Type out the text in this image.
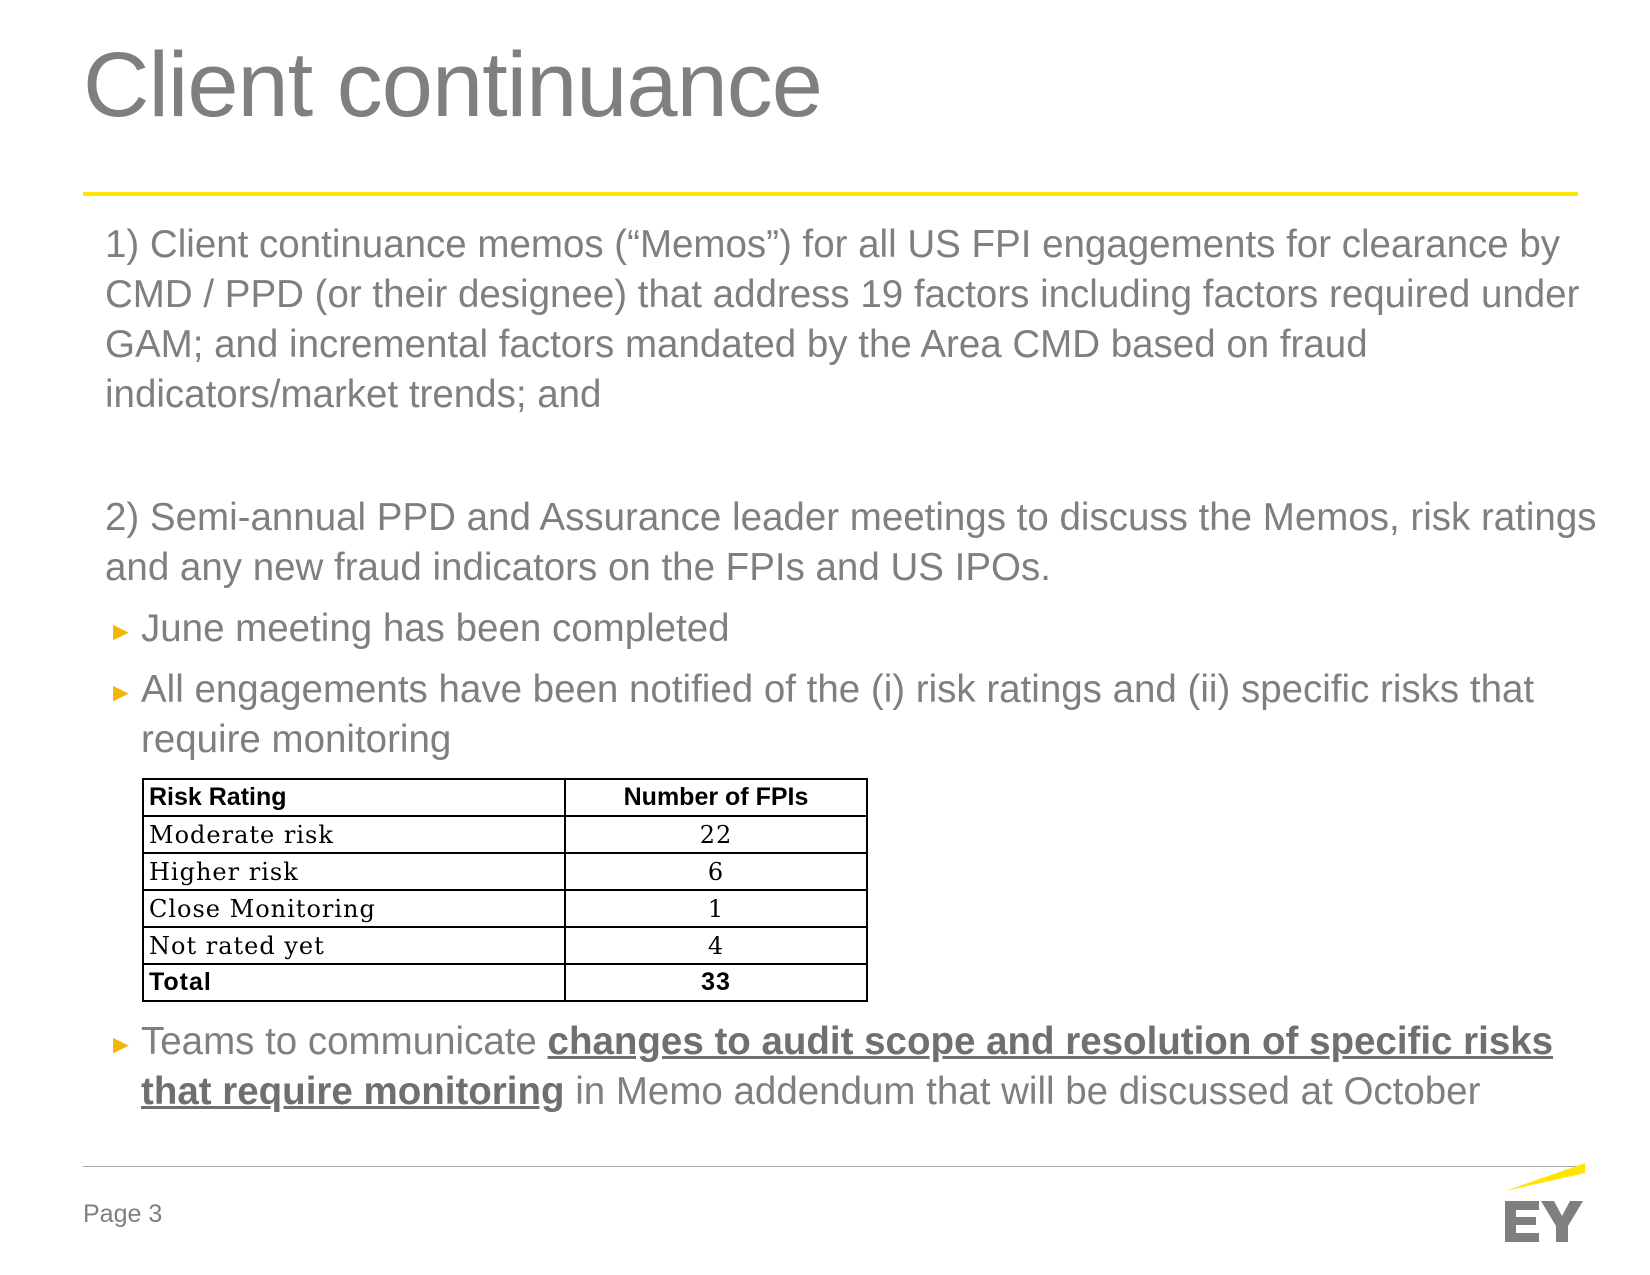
Client continuance

1) Client continuance memos (“Memos”) for all US FPI engagements for clearance by CMD / PPD (or their designee) that address 19 factors including factors required under GAM; and incremental factors mandated by the Area CMD based on fraud indicators/market trends; and

2) Semi-annual PPD and Assurance leader meetings to discuss the Memos, risk ratings and any new fraud indicators on the FPIs and US IPOs.

► June meeting has been completed
► All engagements have been notified of the (i) risk ratings and (ii) specific risks that require monitoring
Risk Rating	Number of FPIs
Moderate risk	22
Higher risk	6
Close Monitoring	1
Not rated yet	4
Total	33
► Teams to communicate changes to audit scope and resolution of specific risks that require monitoring in Memo addendum that will be discussed at October
Page 3
